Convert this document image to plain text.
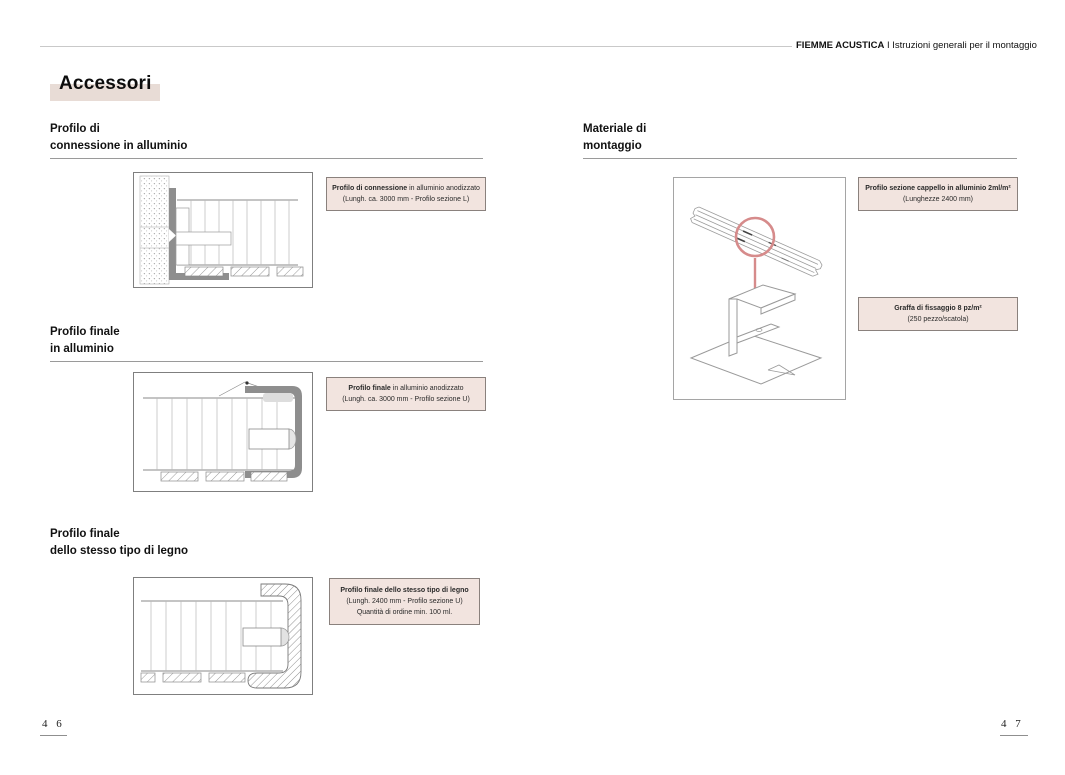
FIEMME ACUSTICA I Istruzioni generali per il montaggio
Accessori
Profilo di
connessione in alluminio
Profilo di connessione in alluminio anodizzato
(Lungh. ca. 3000 mm - Profilo sezione L)
Profilo finale
in alluminio
Profilo finale in alluminio anodizzato
(Lungh. ca. 3000 mm - Profilo sezione U)
Profilo finale
dello stesso tipo di legno
Profilo finale dello stesso tipo di legno
(Lungh. 2400 mm - Profilo sezione U)
Quantità di ordine min. 100 ml.
4 6
Materiale di
montaggio
Profilo sezione cappello in alluminio 2ml/m²
(Lunghezze 2400 mm)
Graffa di fissaggio 8 pz/m²
(250 pezzo/scatola)
4 7
